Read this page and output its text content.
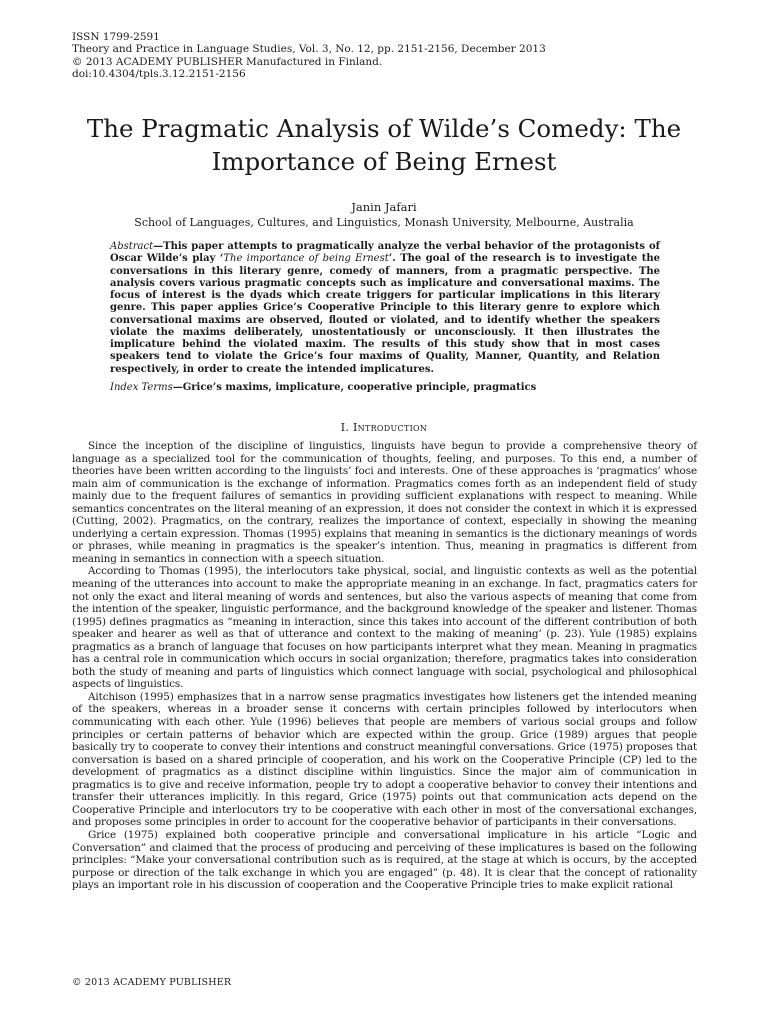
ISSN 1799-2591
Theory and Practice in Language Studies, Vol. 3, No. 12, pp. 2151-2156, December 2013
© 2013 ACADEMY PUBLISHER Manufactured in Finland.
doi:10.4304/tpls.3.12.2151-2156
The Pragmatic Analysis of Wilde’s Comedy: The
Importance of Being Ernest
Janin Jafari
School of Languages, Cultures, and Linguistics, Monash University, Melbourne, Australia
Abstract—This paper attempts to pragmatically analyze the verbal behavior of the protagonists of Oscar Wilde’s play ‘The importance of being Ernest’. The goal of the research is to investigate the conversations in this literary genre, comedy of manners, from a pragmatic perspective. The analysis covers various pragmatic concepts such as implicature and conversational maxims. The focus of interest is the dyads which create triggers for particular implications in this literary genre. This paper applies Grice’s Cooperative Principle to this literary genre to explore which conversational maxims are observed, flouted or violated, and to identify whether the speakers violate the maxims deliberately, unostentatiously or unconsciously. It then illustrates the implicature behind the violated maxim. The results of this study show that in most cases speakers tend to violate the Grice’s four maxims of Quality, Manner, Quantity, and Relation respectively, in order to create the intended implicatures.
Index Terms—Grice’s maxims, implicature, cooperative principle, pragmatics
I. Introduction

Since the inception of the discipline of linguistics, linguists have begun to provide a comprehensive theory of language as a specialized tool for the communication of thoughts, feeling, and purposes. To this end, a number of theories have been written according to the linguists’ foci and interests. One of these approaches is ‘pragmatics’ whose main aim of communication is the exchange of information. Pragmatics comes forth as an independent field of study mainly due to the frequent failures of semantics in providing sufficient explanations with respect to meaning. While semantics concentrates on the literal meaning of an expression, it does not consider the context in which it is expressed (Cutting, 2002). Pragmatics, on the contrary, realizes the importance of context, especially in showing the meaning underlying a certain expression. Thomas (1995) explains that meaning in semantics is the dictionary meanings of words or phrases, while meaning in pragmatics is the speaker’s intention. Thus, meaning in pragmatics is different from meaning in semantics in connection with a speech situation.

According to Thomas (1995), the interlocutors take physical, social, and linguistic contexts as well as the potential meaning of the utterances into account to make the appropriate meaning in an exchange. In fact, pragmatics caters for not only the exact and literal meaning of words and sentences, but also the various aspects of meaning that come from the intention of the speaker, linguistic performance, and the background knowledge of the speaker and listener. Thomas (1995) defines pragmatics as “meaning in interaction, since this takes into account of the different contribution of both speaker and hearer as well as that of utterance and context to the making of meaning’ (p. 23). Yule (1985) explains pragmatics as a branch of language that focuses on how participants interpret what they mean. Meaning in pragmatics has a central role in communication which occurs in social organization; therefore, pragmatics takes into consideration both the study of meaning and parts of linguistics which connect language with social, psychological and philosophical aspects of linguistics.

Aitchison (1995) emphasizes that in a narrow sense pragmatics investigates how listeners get the intended meaning of the speakers, whereas in a broader sense it concerns with certain principles followed by interlocutors when communicating with each other. Yule (1996) believes that people are members of various social groups and follow principles or certain patterns of behavior which are expected within the group. Grice (1989) argues that people basically try to cooperate to convey their intentions and construct meaningful conversations. Grice (1975) proposes that conversation is based on a shared principle of cooperation, and his work on the Cooperative Principle (CP) led to the development of pragmatics as a distinct discipline within linguistics. Since the major aim of communication in pragmatics is to give and receive information, people try to adopt a cooperative behavior to convey their intentions and transfer their utterances implicitly. In this regard, Grice (1975) points out that communication acts depend on the Cooperative Principle and interlocutors try to be cooperative with each other in most of the conversational exchanges, and proposes some principles in order to account for the cooperative behavior of participants in their conversations.

Grice (1975) explained both cooperative principle and conversational implicature in his article “Logic and Conversation” and claimed that the process of producing and perceiving of these implicatures is based on the following principles: “Make your conversational contribution such as is required, at the stage at which is occurs, by the accepted purpose or direction of the talk exchange in which you are engaged” (p. 48). It is clear that the concept of rationality plays an important role in his discussion of cooperation and the Cooperative Principle tries to make explicit rational

© 2013 ACADEMY PUBLISHER
